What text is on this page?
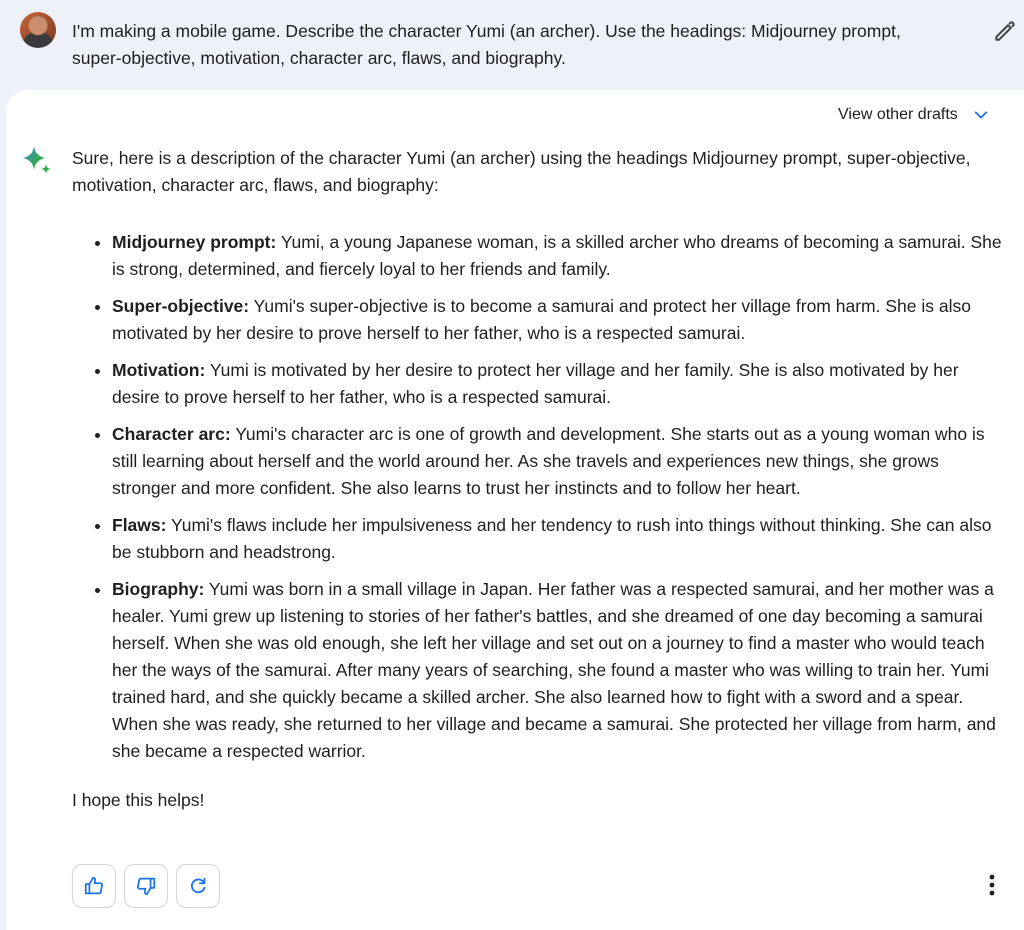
I'm making a mobile game. Describe the character Yumi (an archer). Use the headings: Midjourney prompt, super-objective, motivation, character arc, flaws, and biography.
View other drafts

Sure, here is a description of the character Yumi (an archer) using the headings Midjourney prompt, super-objective, motivation, character arc, flaws, and biography:

• Midjourney prompt: Yumi, a young Japanese woman, is a skilled archer who dreams of becoming a samurai. She is strong, determined, and fiercely loyal to her friends and family.
• Super-objective: Yumi's super-objective is to become a samurai and protect her village from harm. She is also motivated by her desire to prove herself to her father, who is a respected samurai.
• Motivation: Yumi is motivated by her desire to protect her village and her family. She is also motivated by her desire to prove herself to her father, who is a respected samurai.
• Character arc: Yumi's character arc is one of growth and development. She starts out as a young woman who is still learning about herself and the world around her. As she travels and experiences new things, she grows stronger and more confident. She also learns to trust her instincts and to follow her heart.
• Flaws: Yumi's flaws include her impulsiveness and her tendency to rush into things without thinking. She can also be stubborn and headstrong.
• Biography: Yumi was born in a small village in Japan. Her father was a respected samurai, and her mother was a healer. Yumi grew up listening to stories of her father's battles, and she dreamed of one day becoming a samurai herself. When she was old enough, she left her village and set out on a journey to find a master who would teach her the ways of the samurai. After many years of searching, she found a master who was willing to train her. Yumi trained hard, and she quickly became a skilled archer. She also learned how to fight with a sword and a spear. When she was ready, she returned to her village and became a samurai. She protected her village from harm, and she became a respected warrior.

I hope this helps!
